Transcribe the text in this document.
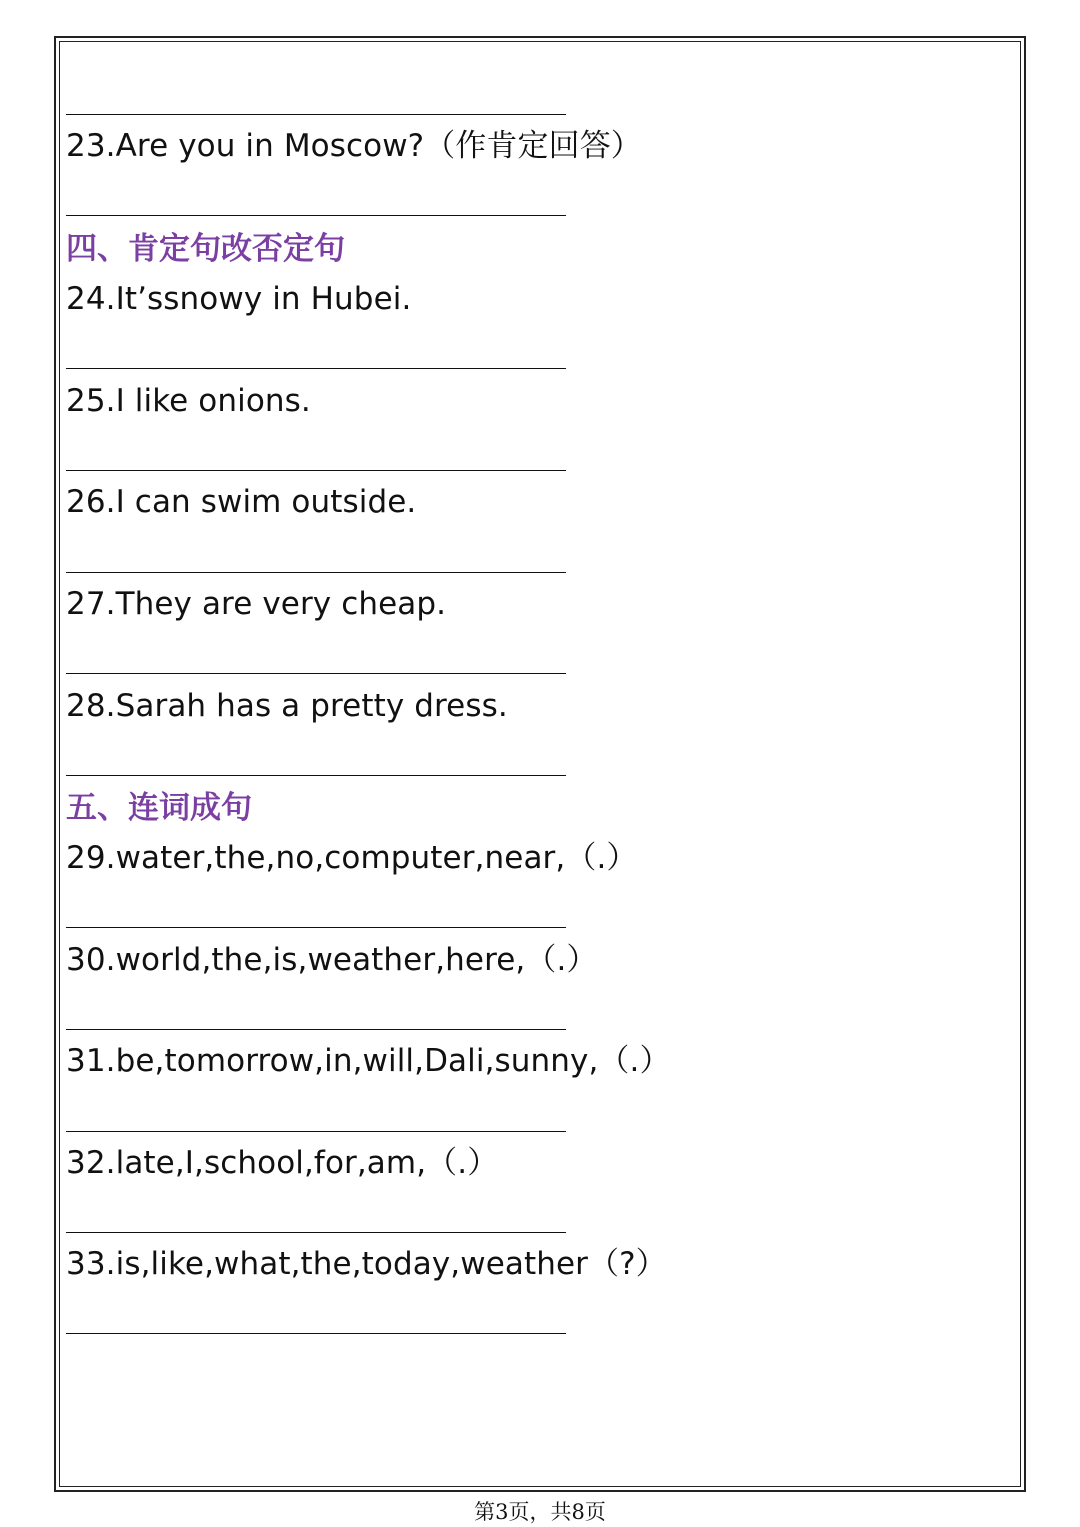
23.Are you in Moscow?（作肯定回答）
四、肯定句改否定句
24.It’ssnowy in Hubei.
25.I like onions.
26.I can swim outside.
27.They are very cheap.
28.Sarah has a pretty dress.
五、连词成句
29.water,the,no,computer,near,（.）
30.world,the,is,weather,here,（.）
31.be,tomorrow,in,will,Dali,sunny,（.）
32.late,I,school,for,am,（.）
33.is,like,what,the,today,weather（?）
第3页，共8页
